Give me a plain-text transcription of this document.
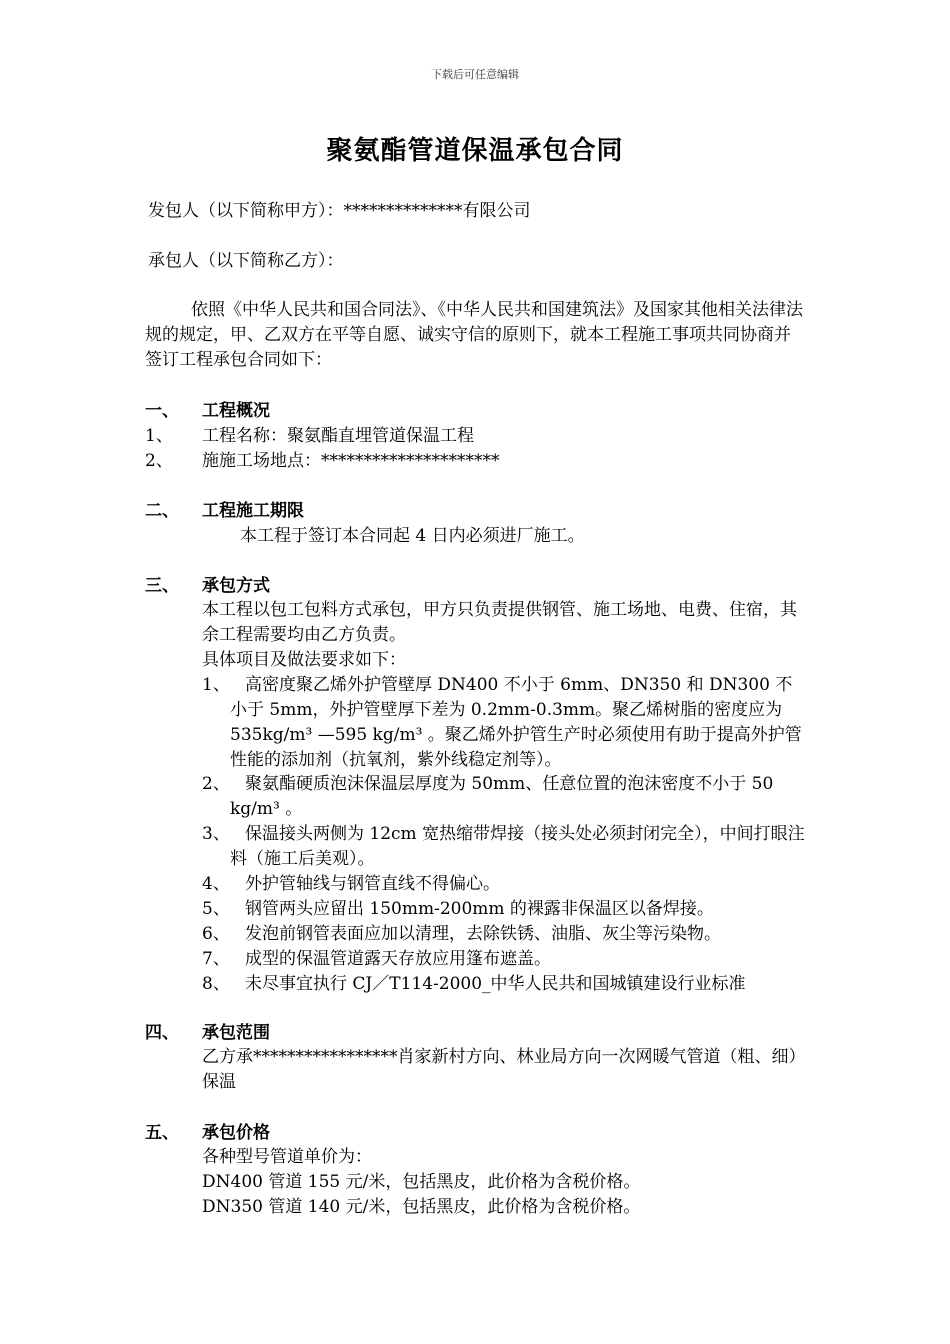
下载后可任意编辑
聚氨酯管道保温承包合同
发包人（以下简称甲方）：**************有限公司
承包人（以下简称乙方）：
依照《中华人民共和国合同法》、《中华人民共和国建筑法》及国家其他相关法律法规的规定，甲、乙双方在平等自愿、诚实守信的原则下，就本工程施工事项共同协商并签订工程承包合同如下：
一、 工程概况
1、 工程名称：聚氨酯直埋管道保温工程
2、 施施工场地点：*********************
二、 工程施工期限
本工程于签订本合同起 4 日内必须进厂施工。
三、 承包方式
本工程以包工包料方式承包，甲方只负责提供钢管、施工场地、电费、住宿，其余工程需要均由乙方负责。
具体项目及做法要求如下：
1、 高密度聚乙烯外护管壁厚 DN400 不小于 6mm、DN350 和 DN300 不小于 5mm，外护管壁厚下差为 0.2mm-0.3mm。聚乙烯树脂的密度应为 535kg/m³ —595 kg/m³ 。聚乙烯外护管生产时必须使用有助于提高外护管性能的添加剂（抗氧剂，紫外线稳定剂等）。
2、 聚氨酯硬质泡沫保温层厚度为 50mm、任意位置的泡沫密度不小于 50 kg/m³ 。
3、 保温接头两侧为 12cm 宽热缩带焊接（接头处必须封闭完全），中间打眼注料（施工后美观）。
4、 外护管轴线与钢管直线不得偏心。
5、 钢管两头应留出 150mm-200mm 的裸露非保温区以备焊接。
6、 发泡前钢管表面应加以清理，去除铁锈、油脂、灰尘等污染物。
7、 成型的保温管道露天存放应用篷布遮盖。
8、 未尽事宜执行 CJ／T114-2000_中华人民共和国城镇建设行业标准
四、 承包范围
乙方承*****************肖家新村方向、林业局方向一次网暖气管道（粗、细）保温
五、 承包价格
各种型号管道单价为：
DN400 管道 155 元/米，包括黑皮，此价格为含税价格。
DN350 管道 140 元/米，包括黑皮，此价格为含税价格。
